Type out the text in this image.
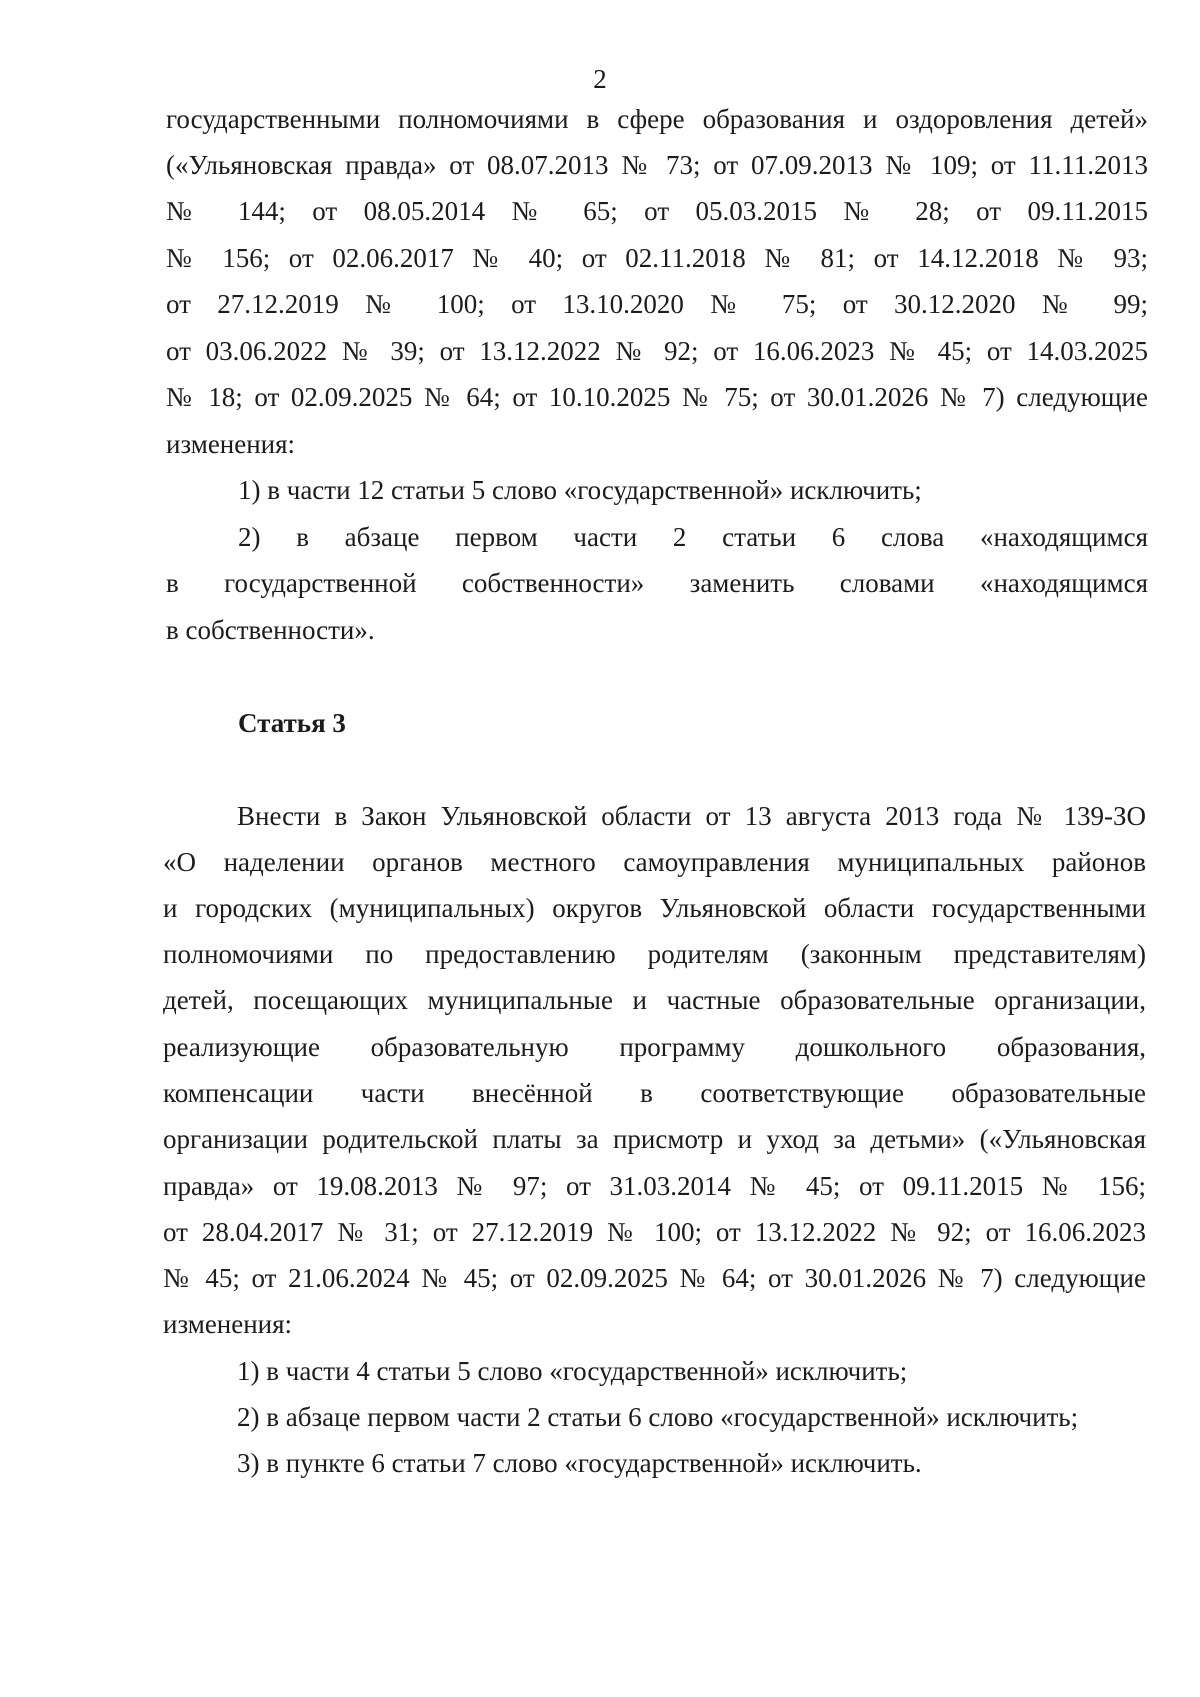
2
государственными полномочиями в сфере образования и оздоровления детей»
(«Ульяновская правда» от 08.07.2013 № 73; от 07.09.2013 № 109; от 11.11.2013
№ 144; от 08.05.2014 № 65; от 05.03.2015 № 28; от 09.11.2015
№ 156; от 02.06.2017 № 40; от 02.11.2018 № 81; от 14.12.2018 № 93;
от 27.12.2019 № 100; от 13.10.2020 № 75; от 30.12.2020 № 99;
от 03.06.2022 № 39; от 13.12.2022 № 92; от 16.06.2023 № 45; от 14.03.2025
№ 18; от 02.09.2025 № 64; от 10.10.2025 № 75; от 30.01.2026 № 7) следующие
изменения:
1) в части 12 статьи 5 слово «государственной» исключить;
2) в абзаце первом части 2 статьи 6 слова «находящимся
в государственной собственности» заменить словами «находящимся
в собственности».
Статья 3
Внести в Закон Ульяновской области от 13 августа 2013 года № 139-ЗО
«О наделении органов местного самоуправления муниципальных районов
и городских (муниципальных) округов Ульяновской области государственными
полномочиями по предоставлению родителям (законным представителям)
детей, посещающих муниципальные и частные образовательные организации,
реализующие образовательную программу дошкольного образования,
компенсации части внесённой в соответствующие образовательные
организации родительской платы за присмотр и уход за детьми» («Ульяновская
правда» от 19.08.2013 № 97; от 31.03.2014 № 45; от 09.11.2015 № 156;
от 28.04.2017 № 31; от 27.12.2019 № 100; от 13.12.2022 № 92; от 16.06.2023
№ 45; от 21.06.2024 № 45; от 02.09.2025 № 64; от 30.01.2026 № 7) следующие
изменения:
1) в части 4 статьи 5 слово «государственной» исключить;
2) в абзаце первом части 2 статьи 6 слово «государственной» исключить;
3) в пункте 6 статьи 7 слово «государственной» исключить.
